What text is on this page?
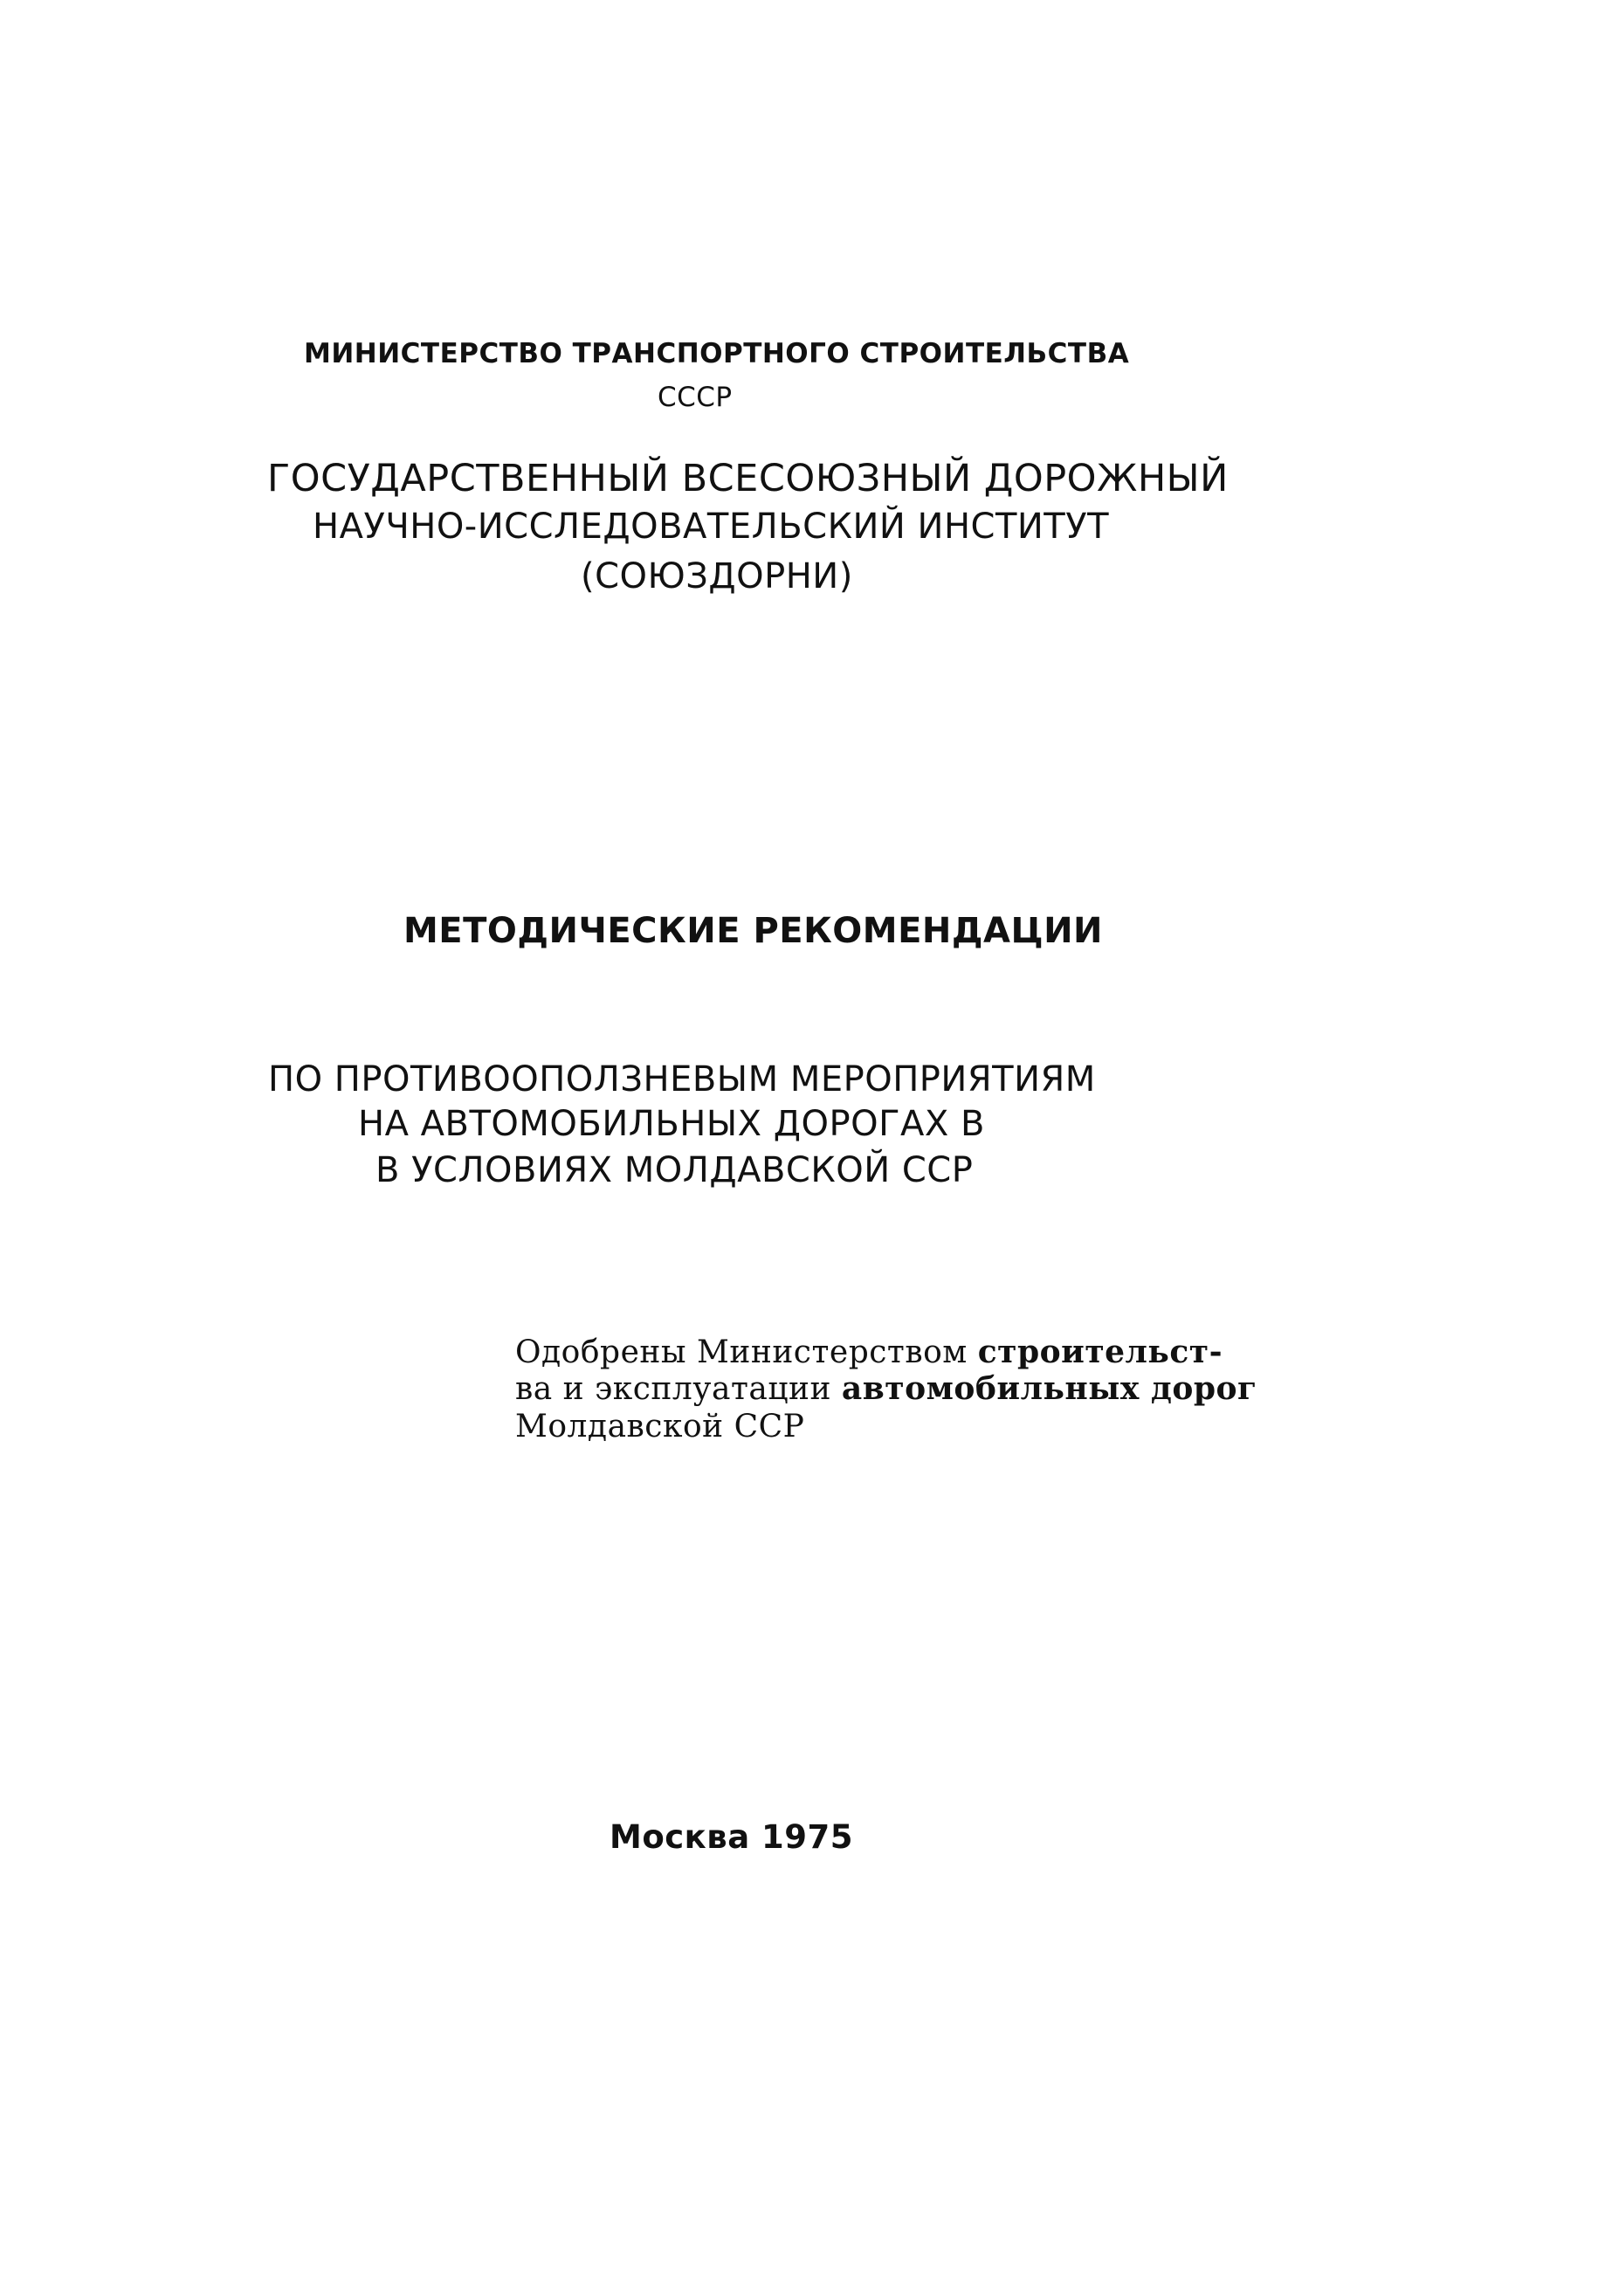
МИНИСТЕРСТВО ТРАНСПОРТНОГО СТРОИТЕЛЬСТВА
СССР
ГОСУДАРСТВЕННЫЙ ВСЕСОЮЗНЫЙ ДОРОЖНЫЙ
НАУЧНО-ИССЛЕДОВАТЕЛЬСКИЙ ИНСТИТУТ
(СОЮЗДОРНИ)
МЕТОДИЧЕСКИЕ РЕКОМЕНДАЦИИ
ПО ПРОТИВООПОЛЗНЕВЫМ МЕРОПРИЯТИЯМ
НА АВТОМОБИЛЬНЫХ ДОРОГАХ В
В УСЛОВИЯХ МОЛДАВСКОЙ ССР
Одобрены Министерством строительст-
ва и эксплуатации автомобильных дорог
Молдавской ССР
Москва 1975
